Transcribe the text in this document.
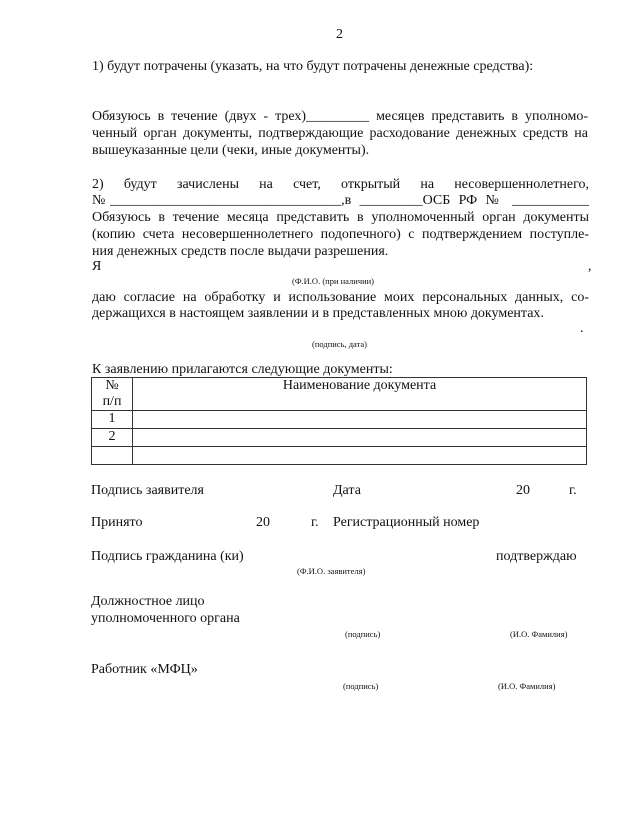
2
1) будут потрачены (указать, на что будут потрачены денежные средства):
Обязуюсь в течение (двух - трех)_________ месяцев представить в уполномо-
ченный орган документы, подтверждающие расходование денежных средств на
вышеуказанные цели (чеки, иные документы).
2) будут зачислены на счет, открытый на несовершеннолетнего,
№_________________________________,в _________ОСБ РФ № ___________
Обязуюсь в течение месяца представить в уполномоченный орган документы
(копию счета несовершеннолетнего подопечного) с подтверждением поступле-
ния денежных средств после выдачи разрешения.
Я	,
(Ф.И.О. (при наличии)
даю согласие на обработку и использование моих персональных данных, со-
держащихся в настоящем заявлении и в представленных мною документах.
.
(подпись, дата)
К заявлению прилагаются следующие документы:
№
п/п	Наименование документа
1	
2	

Подпись заявителя	Дата	20	г.
Принято	20	г. Регистрационный номер
Подпись гражданина (ки)	подтверждаю
(Ф.И.О. заявителя)
Должностное лицо
уполномоченного органа
(подпись)	(И.О. Фамилия)
Работник «МФЦ»
(подпись)	(И.О. Фамилия)
